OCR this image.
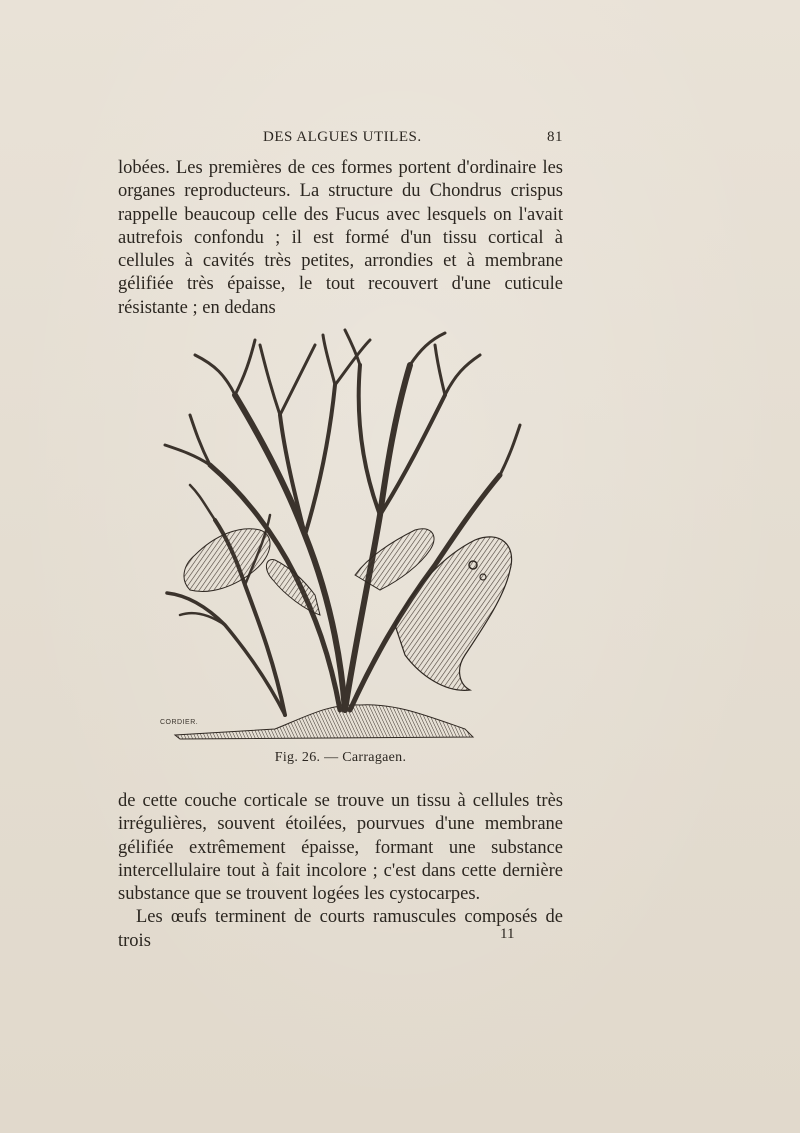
DES ALGUES UTILES.	81

lobées. Les premières de ces formes portent d'ordinaire les organes reproducteurs. La structure du Chondrus crispus rappelle beaucoup celle des Fucus avec lesquels on l'avait autrefois confondu ; il est formé d'un tissu cortical à cellules à cavités très petites, arrondies et à membrane gélifiée très épaisse, le tout recouvert d'une cuticule résistante ; en dedans

CORDIER.
Fig. 26. — Carragaen.

de cette couche corticale se trouve un tissu à cellules très irrégulières, souvent étoilées, pourvues d'une membrane gélifiée extrêmement épaisse, formant une substance intercellulaire tout à fait incolore ; c'est dans cette dernière substance que se trouvent logées les cystocarpes.

Les œufs terminent de courts ramuscules composés de trois	11
